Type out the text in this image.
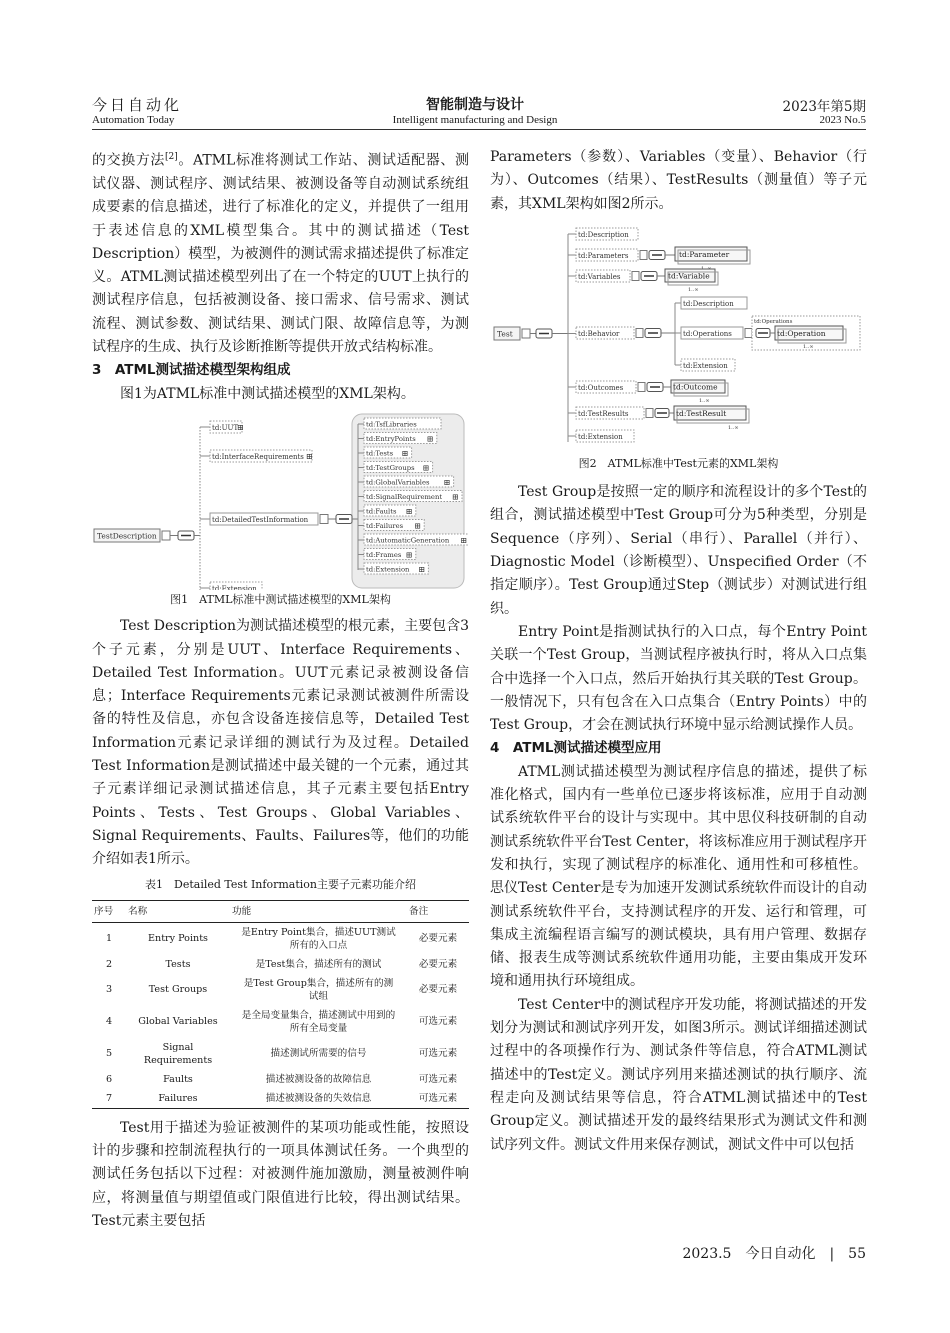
今日自动化
Automation Today
智能制造与设计
Intelligent manufacturing and Design
2023年第5期
2023 No.5

的交换方法[2]。ATML标准将测试工作站、测试适配器、测试仪器、测试程序、测试结果、被测设备等自动测试系统组成要素的信息描述，进行了标准化的定义，并提供了一组用于表述信息的XML模型集合。其中的测试描述（Test Description）模型，为被测件的测试需求描述提供了标准定义。ATML测试描述模型列出了在一个特定的UUT上执行的测试程序信息，包括被测设备、接口需求、信号需求、测试流程、测试参数、测试结果、测试门限、故障信息等，为测试程序的生成、执行及诊断推断等提供开放式结构标准。

3　ATML测试描述模型架构组成

图1为ATML标准中测试描述模型的XML架构。

TestDescription
td:UUT
⊞
td:InterfaceRequirements ⊞
td:DetailedTestInformation
td:Extension
td:TsfLibraries
td:EntryPoints ⊞
td:Tests ⊞
td:TestGroups ⊞
td:GlobalVariables ⊞
td:SignalRequirement ⊞
td:Faults ⊞
td:Failures ⊞
td:AutomaticGeneration ⊞
td:Frames ⊞
td:Extension ⊞

图1　ATML标准中测试描述模型的XML架构

Test Description为测试描述模型的根元素，主要包含3个子元素，分别是UUT、Interface Requirements、Detailed Test Information。UUT元素记录被测设备信息；Interface Requirements元素记录测试被测件所需设备的特性及信息，亦包含设备连接信息等，Detailed Test Information元素记录详细的测试行为及过程。Detailed Test Information是测试描述中最关键的一个元素，通过其子元素详细记录测试描述信息，其子元素主要包括Entry Points、Tests、Test Groups、Global Variables、Signal Requirements、Faults、Failures等，他们的功能介绍如表1所示。

表1　Detailed Test Information主要子元素功能介绍

序号	名称	功能	备注
1	Entry Points	是Entry Point集合，描述UUT测试所有的入口点	必要元素
2	Tests	是Test集合，描述所有的测试	必要元素
3	Test Groups	是Test Group集合，描述所有的测试组	必要元素
4	Global Variables	是全局变量集合，描述测试中用到的所有全局变量	可选元素
5	Signal Requirements	描述测试所需要的信号	可选元素
6	Faults	描述被测设备的故障信息	可选元素
7	Failures	描述被测设备的失效信息	可选元素

Test用于描述为验证被测件的某项功能或性能，按照设计的步骤和控制流程执行的一项具体测试任务。一个典型的测试任务包括以下过程：对被测件施加激励，测量被测件响应，将测量值与期望值或门限值进行比较，得出测试结果。Test元素主要包括

Parameters（参数）、Variables（变量）、Behavior（行为）、Outcomes（结果）、TestResults（测量值）等子元素，其XML架构如图2所示。

Test
td:Description
td:Parameters	td:Parameter
td:Variables	td:Variable
1..∞
td:Behavior
td:Description
td:Operations
td:Operations
td:Operation
1..∞
td:Extension
td:Outcomes	td:Outcome
1..∞
td:TestResults	td:TestResult
1..∞
td:Extension

图2　ATML标准中Test元素的XML架构

Test Group是按照一定的顺序和流程设计的多个Test的组合，测试描述模型中Test Group可分为5种类型，分别是Sequence（序列）、Serial（串行）、Parallel（并行）、Diagnostic Model（诊断模型）、Unspecified Order（不指定顺序）。Test Group通过Step（测试步）对测试进行组织。

Entry Point是指测试执行的入口点，每个Entry Point关联一个Test Group，当测试程序被执行时，将从入口点集合中选择一个入口点，然后开始执行其关联的Test Group。一般情况下，只有包含在入口点集合（Entry Points）中的Test Group，才会在测试执行环境中显示给测试操作人员。

4　ATML测试描述模型应用

ATML测试描述模型为测试程序信息的描述，提供了标准化格式，国内有一些单位已逐步将该标准，应用于自动测试系统软件平台的设计与实现中。其中思仪科技研制的自动测试系统软件平台Test Center，将该标准应用于测试程序开发和执行，实现了测试程序的标准化、通用性和可移植性。思仪Test Center是专为加速开发测试系统软件而设计的自动测试系统软件平台，支持测试程序的开发、运行和管理，可集成主流编程语言编写的测试模块，具有用户管理、数据存储、报表生成等测试系统软件通用功能，主要由集成开发环境和通用执行环境组成。

Test Center中的测试程序开发功能，将测试描述的开发划分为测试和测试序列开发，如图3所示。测试详细描述测试过程中的各项操作行为、测试条件等信息，符合ATML测试描述中的Test定义。测试序列用来描述测试的执行顺序、流程走向及测试结果等信息，符合ATML测试描述中的Test Group定义。测试描述开发的最终结果形式为测试文件和测试序列文件。测试文件用来保存测试，测试文件中可以包括

2023.5　今日自动化　|　55
